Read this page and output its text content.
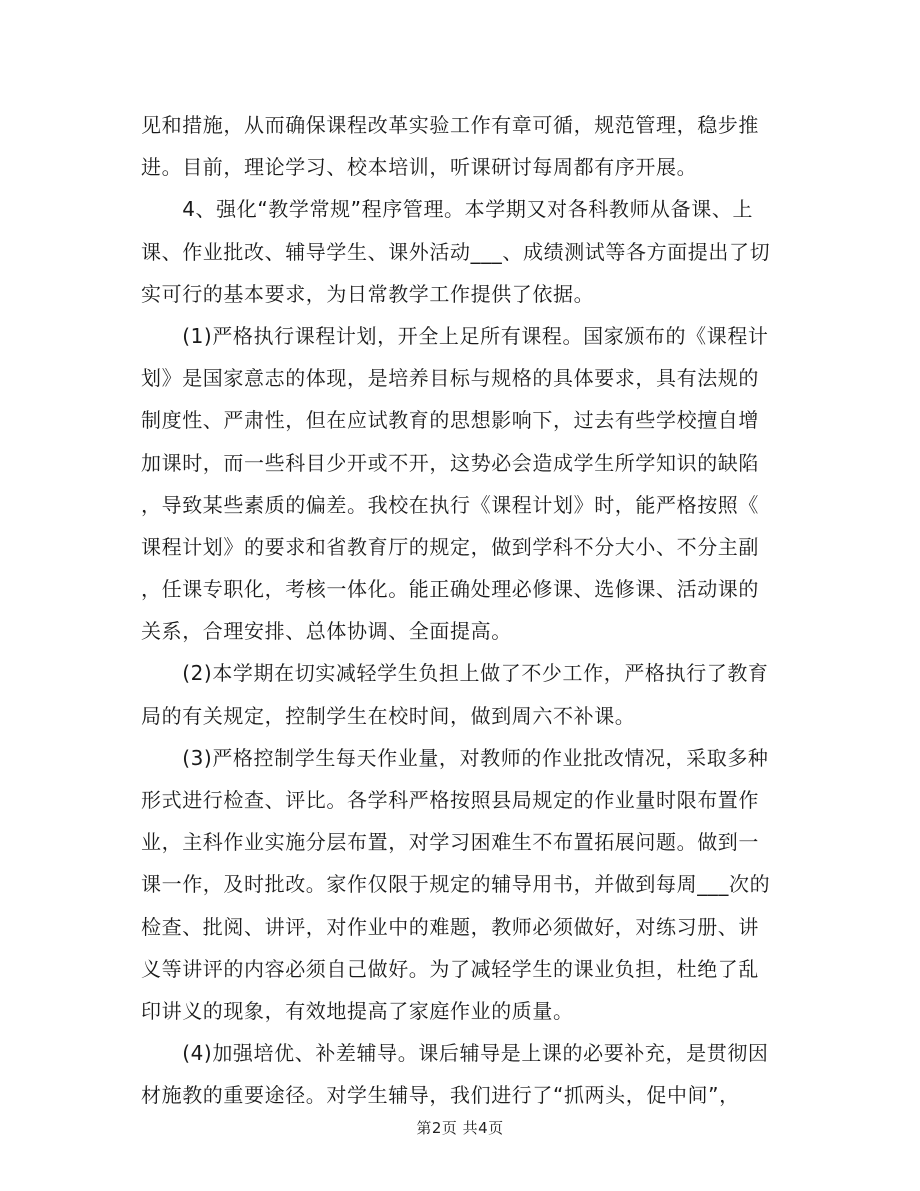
见和措施，从而确保课程改革实验工作有章可循，规范管理，稳步推
进。目前，理论学习、校本培训，听课研讨每周都有序开展。
　　4、强化“教学常规”程序管理。本学期又对各科教师从备课、上
课、作业批改、辅导学生、课外活动___、成绩测试等各方面提出了切
实可行的基本要求，为日常教学工作提供了依据。
　　(1)严格执行课程计划，开全上足所有课程。国家颁布的《课程计
划》是国家意志的体现，是培养目标与规格的具体要求，具有法规的
制度性、严肃性，但在应试教育的思想影响下，过去有些学校擅自增
加课时，而一些科目少开或不开，这势必会造成学生所学知识的缺陷
，导致某些素质的偏差。我校在执行《课程计划》时，能严格按照《
课程计划》的要求和省教育厅的规定，做到学科不分大小、不分主副
，任课专职化，考核一体化。能正确处理必修课、选修课、活动课的
关系，合理安排、总体协调、全面提高。
　　(2)本学期在切实减轻学生负担上做了不少工作，严格执行了教育
局的有关规定，控制学生在校时间，做到周六不补课。
　　(3)严格控制学生每天作业量，对教师的作业批改情况，采取多种
形式进行检查、评比。各学科严格按照县局规定的作业量时限布置作
业，主科作业实施分层布置，对学习困难生不布置拓展问题。做到一
课一作，及时批改。家作仅限于规定的辅导用书，并做到每周___次的
检查、批阅、讲评，对作业中的难题，教师必须做好，对练习册、讲
义等讲评的内容必须自己做好。为了减轻学生的课业负担，杜绝了乱
印讲义的现象，有效地提高了家庭作业的质量。
　　(4)加强培优、补差辅导。课后辅导是上课的必要补充，是贯彻因
材施教的重要途径。对学生辅导，我们进行了“抓两头，促中间”，
第2页 共4页
